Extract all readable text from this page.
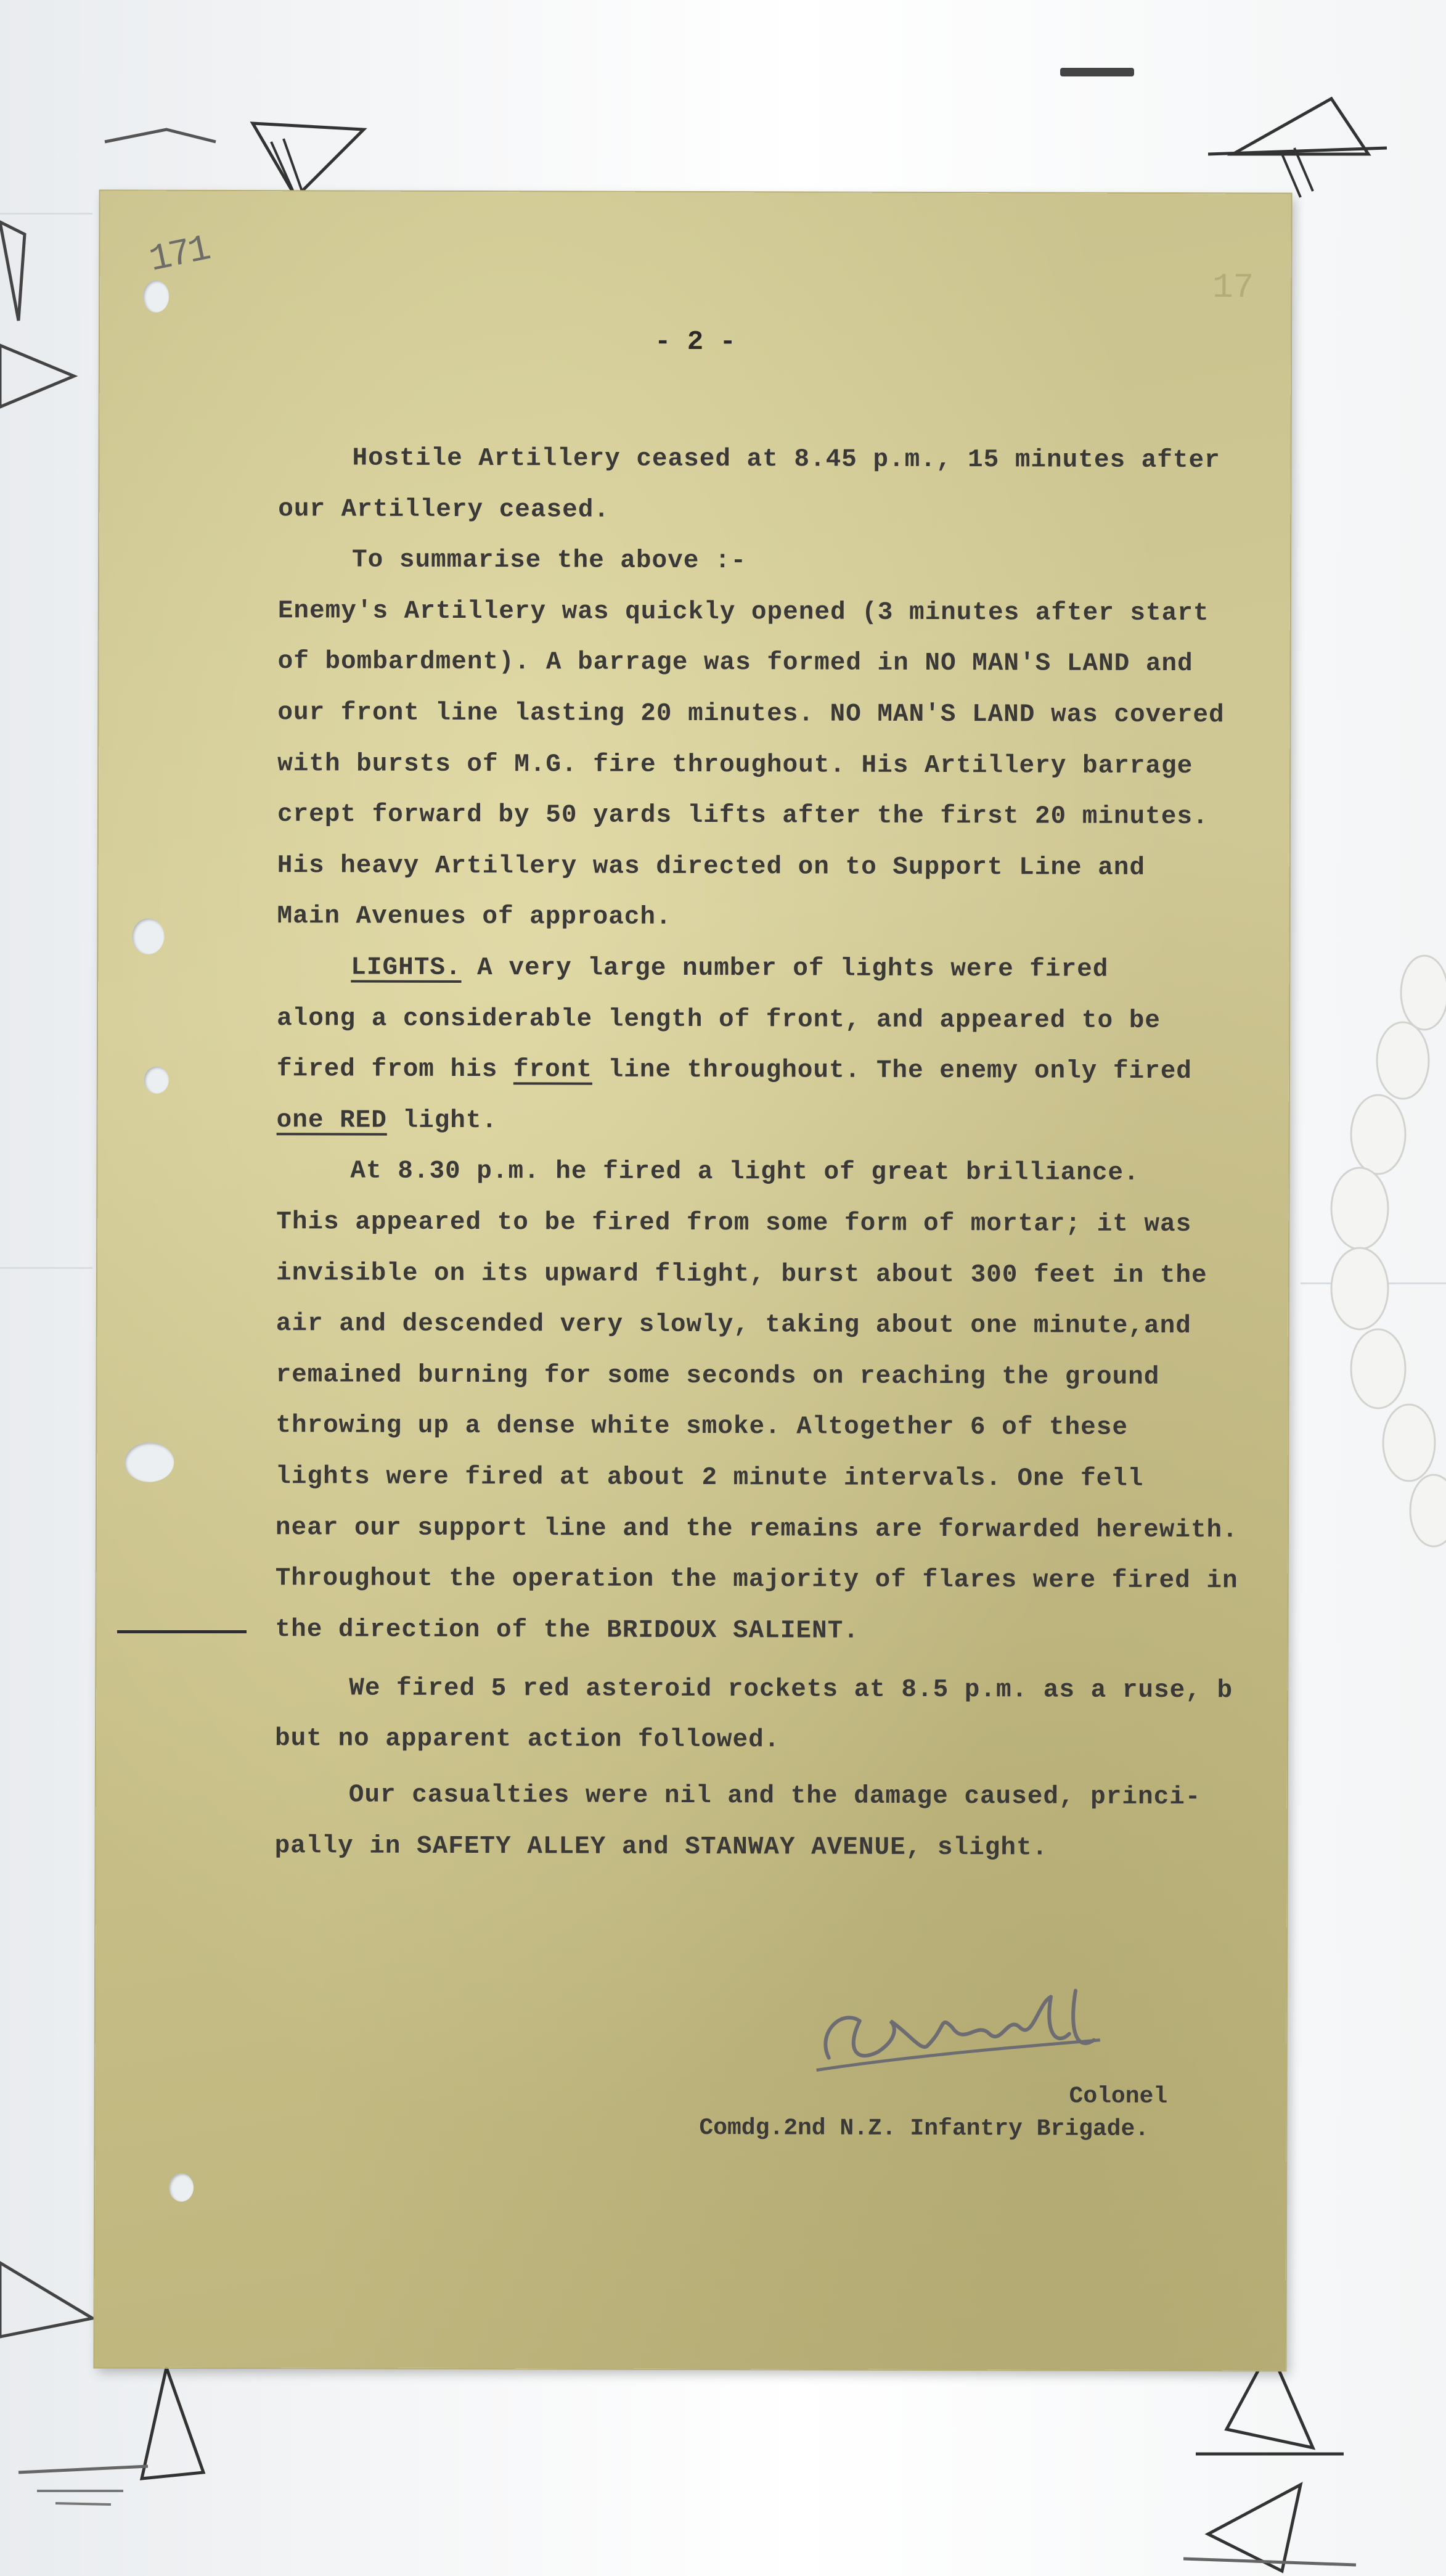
171
17
- 2 -
Hostile Artillery ceased at 8.45 p.m., 15 minutes after
our Artillery ceased.
To summarise the above :-
Enemy's Artillery was quickly opened (3 minutes after start
of bombardment). A barrage was formed in NO MAN'S LAND and
our front line lasting 20 minutes. NO MAN'S LAND was covered
with bursts of M.G. fire throughout. His Artillery barrage
crept forward by 50 yards lifts after the first 20 minutes.
His heavy Artillery was directed on to Support Line and
Main Avenues of approach.
LIGHTS. A very large number of lights were fired
along a considerable length of front, and appeared to be
fired from his front line throughout. The enemy only fired
one RED light.
At 8.30 p.m. he fired a light of great brilliance.
This appeared to be fired from some form of mortar; it was
invisible on its upward flight, burst about 300 feet in the
air and descended very slowly, taking about one minute,and
remained burning for some seconds on reaching the ground
throwing up a dense white smoke. Altogether 6 of these
lights were fired at about 2 minute intervals. One fell
near our support line and the remains are forwarded herewith.
Throughout the operation the majority of flares were fired in
the direction of the BRIDOUX SALIENT.
We fired 5 red asteroid rockets at 8.5 p.m. as a ruse, b
but no apparent action followed.
Our casualties were nil and the damage caused, princi-
pally in SAFETY ALLEY and STANWAY AVENUE, slight.
Colonel
Comdg.2nd N.Z. Infantry Brigade.
